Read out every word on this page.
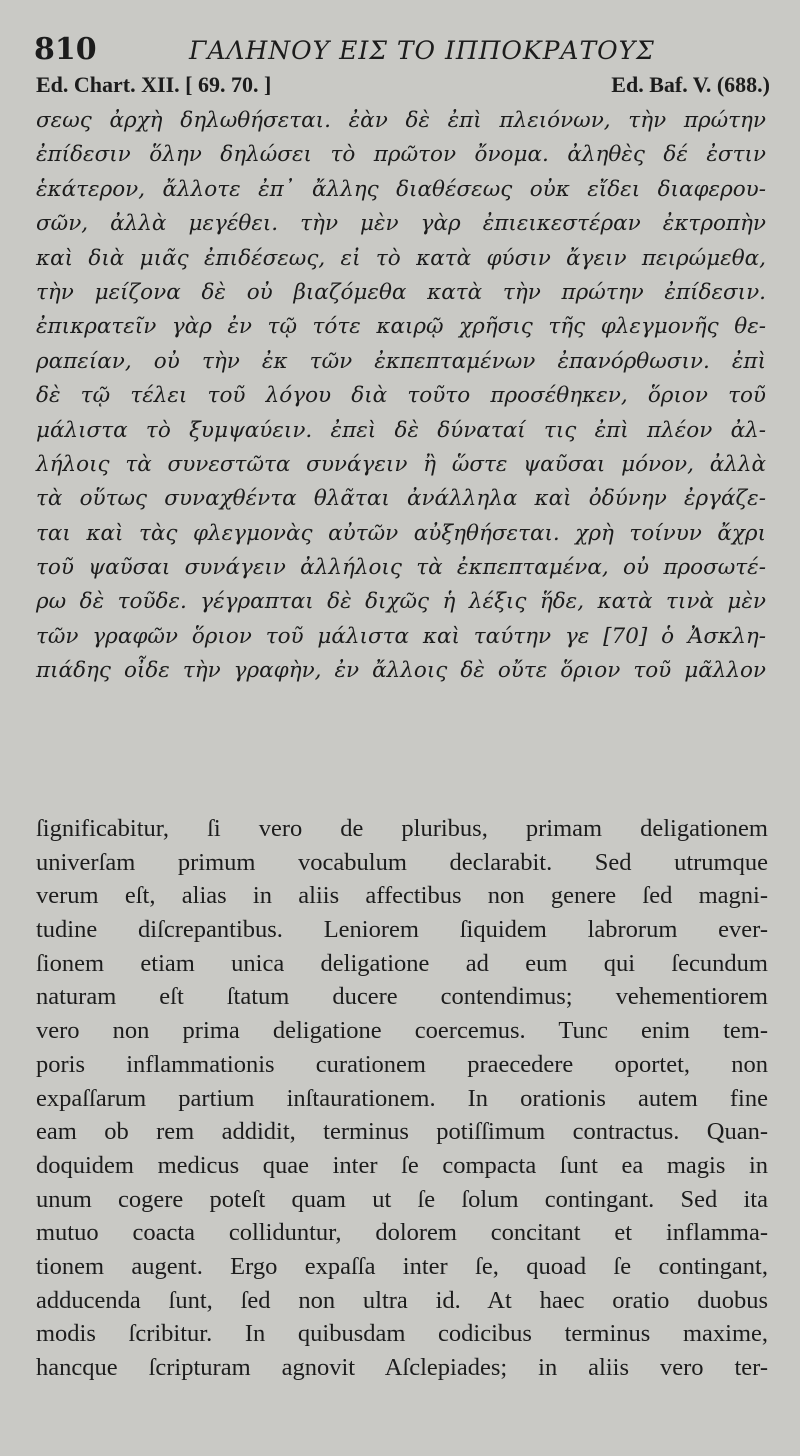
810	ΓΑΛΗΝΟΥ ΕΙΣ ΤΟ ΙΠΠΟΚΡΑΤΟΥΣ
Ed. Chart. XII. [ 69. 70. ]	Ed. Baf. V. (688.)
σεως ἀρχὴ δηλωθήσεται. ἐὰν δὲ ἐπὶ πλειόνων, τὴν πρώτην
ἐπίδεσιν ὅλην δηλώσει τὸ πρῶτον ὄνομα. ἀληθὲς δέ ἐστιν
ἑκάτερον, ἄλλοτε ἐπ᾽ ἄλλης διαθέσεως οὐκ εἴδει διαφερου-
σῶν, ἀλλὰ μεγέθει. τὴν μὲν γὰρ ἐπιεικεστέραν ἐκτροπὴν
καὶ διὰ μιᾶς ἐπιδέσεως, εἰ τὸ κατὰ φύσιν ἄγειν πειρώμεθα,
τὴν μείζονα δὲ οὐ βιαζόμεθα κατὰ τὴν πρώτην ἐπίδεσιν.
ἐπικρατεῖν γὰρ ἐν τῷ τότε καιρῷ χρῆσις τῆς φλεγμονῆς θε-
ραπείαν, οὐ τὴν ἐκ τῶν ἐκπεπταμένων ἐπανόρθωσιν. ἐπὶ
δὲ τῷ τέλει τοῦ λόγου διὰ τοῦτο προσέθηκεν, ὅριον τοῦ
μάλιστα τὸ ξυμψαύειν. ἐπεὶ δὲ δύναταί τις ἐπὶ πλέον ἀλ-
λήλοις τὰ συνεστῶτα συνάγειν ἢ ὥστε ψαῦσαι μόνον, ἀλλὰ
τὰ οὕτως συναχθέντα θλᾶται ἀνάλληλα καὶ ὀδύνην ἐργάζε-
ται καὶ τὰς φλεγμονὰς αὐτῶν αὐξηθήσεται. χρὴ τοίνυν ἄχρι
τοῦ ψαῦσαι συνάγειν ἀλλήλοις τὰ ἐκπεπταμένα, οὐ προσωτέ-
ρω δὲ τοῦδε. γέγραπται δὲ διχῶς ἡ λέξις ἥδε, κατὰ τινὰ μὲν
τῶν γραφῶν ὅριον τοῦ μάλιστα καὶ ταύτην γε [70] ὁ Ἀσκλη-
πιάδης οἶδε τὴν γραφὴν, ἐν ἄλλοις δὲ οὔτε ὅριον τοῦ μᾶλλον
ſignificabitur, ſi vero de pluribus, primam deligationem
univerſam primum vocabulum declarabit. Sed utrumque
verum eſt, alias in aliis affectibus non genere ſed magni-
tudine diſcrepantibus. Leniorem ſiquidem labrorum ever-
ſionem etiam unica deligatione ad eum qui ſecundum
naturam eſt ſtatum ducere contendimus; vehementiorem
vero non prima deligatione coercemus. Tunc enim tem-
poris inflammationis curationem praecedere oportet, non
expaſſarum partium inſtaurationem. In orationis autem fine
eam ob rem addidit, terminus potiſſimum contractus. Quan-
doquidem medicus quae inter ſe compacta ſunt ea magis in
unum cogere poteſt quam ut ſe ſolum contingant. Sed ita
mutuo coacta colliduntur, dolorem concitant et inflamma-
tionem augent. Ergo expaſſa inter ſe, quoad ſe contingant,
adducenda ſunt, ſed non ultra id. At haec oratio duobus
modis ſcribitur. In quibusdam codicibus terminus maxime,
hancque ſcripturam agnovit Aſclepiades; in aliis vero ter-
